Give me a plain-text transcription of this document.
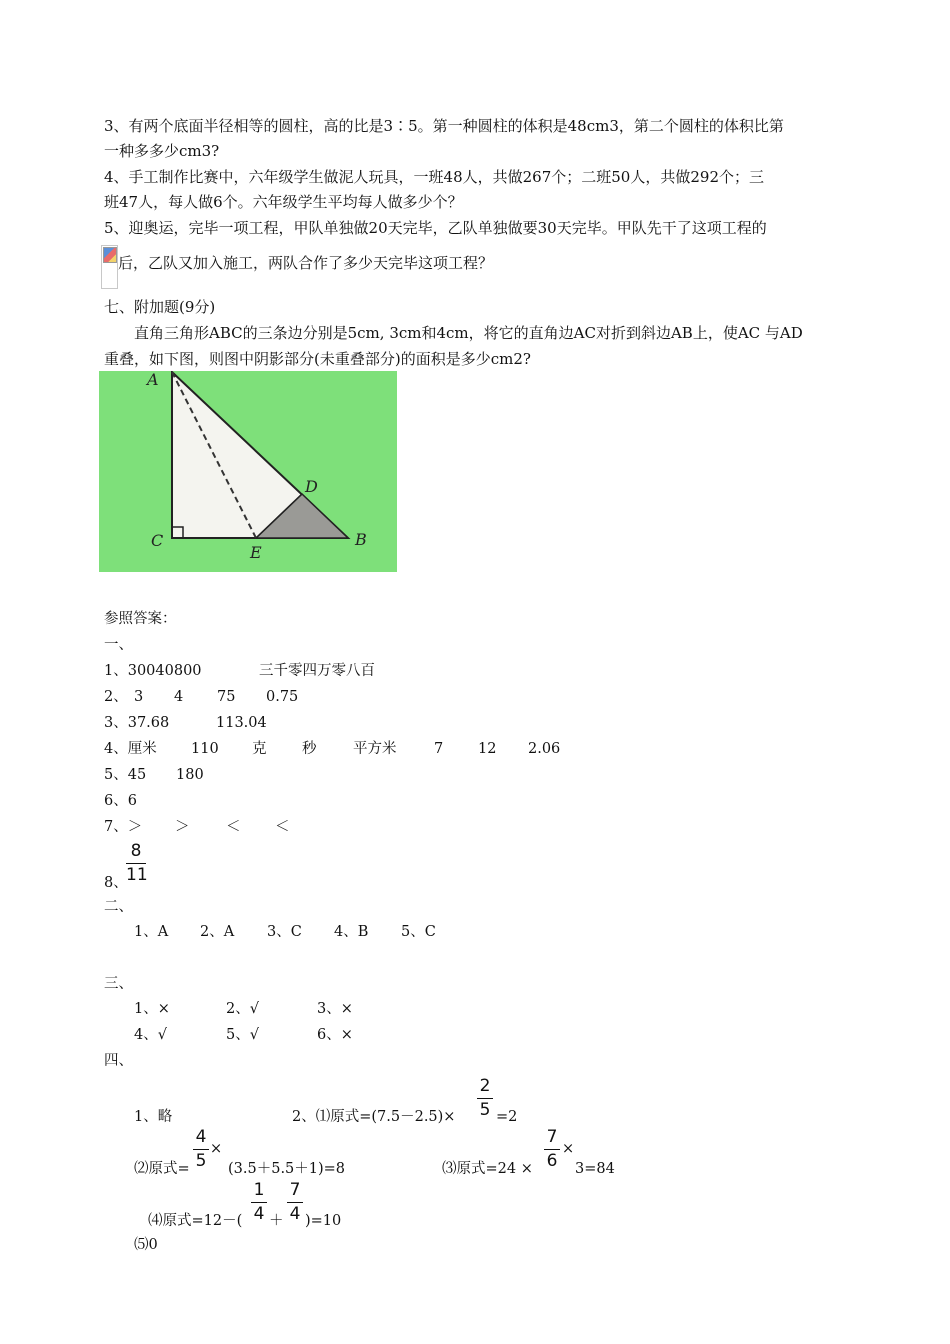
3、有两个底面半径相等的圆柱，高的比是3∶5。第一种圆柱的体积是48cm3，第二个圆柱的体积比第
一种多多少cm3?
4、手工制作比赛中，六年级学生做泥人玩具，一班48人，共做267个；二班50人，共做292个；三
班47人，每人做6个。六年级学生平均每人做多少个？
5、迎奥运，完毕一项工程，甲队单独做20天完毕，乙队单独做要30天完毕。甲队先干了这项工程的
后，乙队又加入施工，两队合作了多少天完毕这项工程？
七、附加题(9分)
直角三角形ABC的三条边分别是5cm, 3cm和4cm，将它的直角边AC对折到斜边AB上，使AC 与AD
重叠，如下图，则图中阴影部分(未重叠部分)的面积是多少cm2?
A
C
E
B
D
参照答案：
一、
1、30040800	三千零四万零八百
2、 3 4 75 0.75
3、37.68	113.04
4、厘米 110 克 秒	平方米	7 12 2.06
5、45 180
6、6
7、＞ ＞	＜ ＜
8
11
8、
二、
1、A 2、A 3、C 4、B 5、C
三、
1、×	2、√	3、×
4、√	5、√	6、×
四、
1、略	2、⑴原式=(7.5－2.5)×
2
5 =2
⑵原式=
4
5
×
(3.5＋5.5＋1)=8	⑶原式=24 ×
7
6
×
3=84
⑷原式=12－(
1
4 ＋
7
4 )=10
⑸0
